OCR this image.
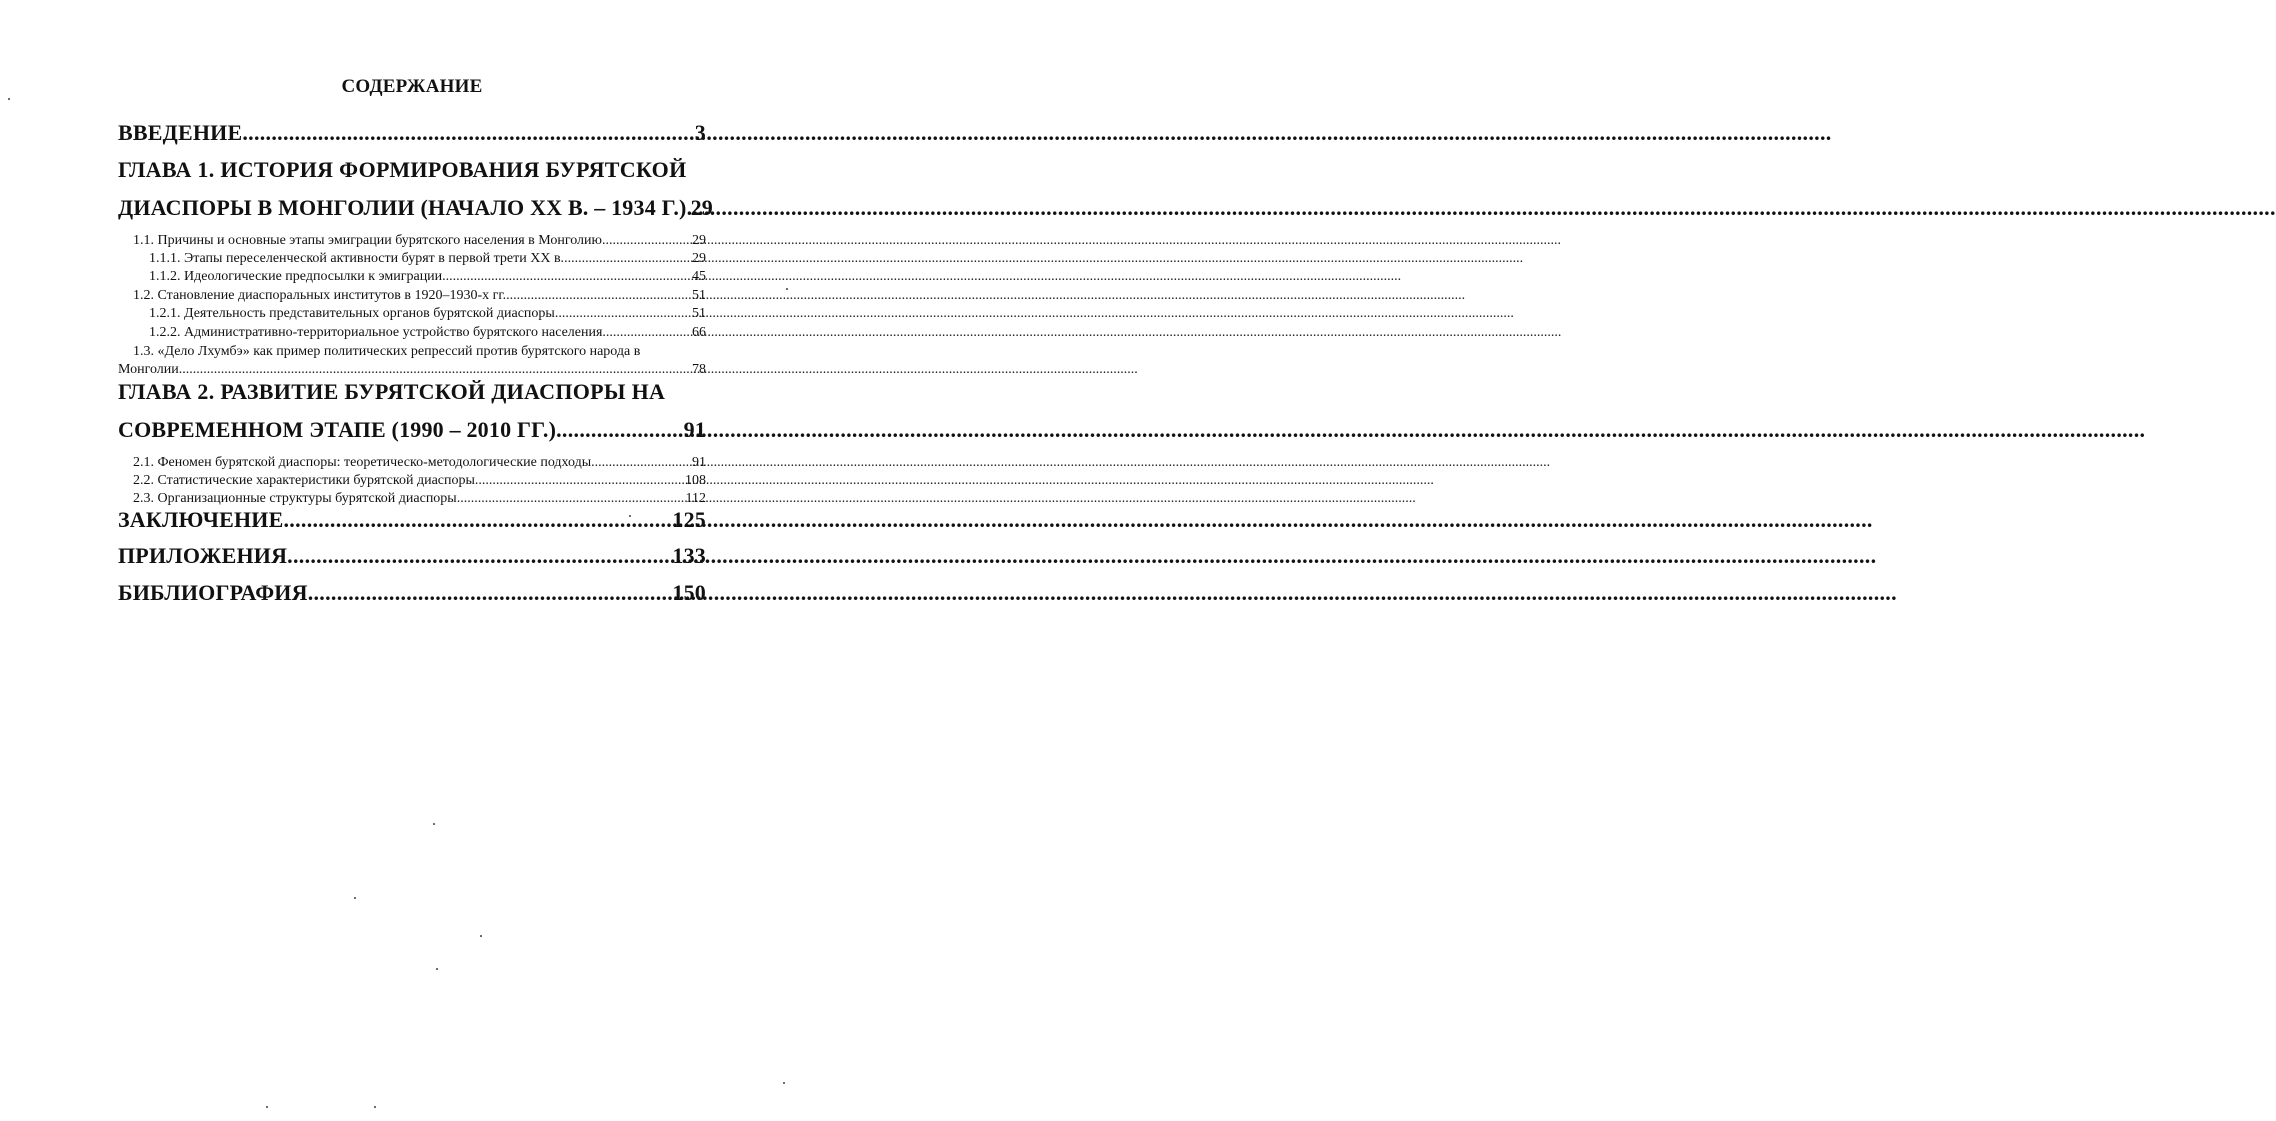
СОДЕРЖАНИЕ
ВВЕДЕНИЕ .....	3
ГЛАВА 1. ИСТОРИЯ ФОРМИРОВАНИЯ БУРЯТСКОЙ
ДИАСПОРЫ В МОНГОЛИИ (НАЧАЛО XX В. – 1934 Г.) ..... 29
1.1. Причины и основные этапы эмиграции бурятского населения в Монголию .....	29
1.1.1. Этапы переселенческой активности бурят в первой трети XX в. .....	29
1.1.2. Идеологические предпосылки к эмиграции .....	45
1.2. Становление диаспоральных институтов в 1920–1930-х гг. .....	51
1.2.1. Деятельность представительных органов бурятской диаспоры .....	51
1.2.2. Административно-территориальное устройство бурятского населения .....	66
1.3. «Дело Лхумбэ» как пример политических репрессий против бурятского народа в
Монголии .....	78
ГЛАВА 2. РАЗВИТИЕ БУРЯТСКОЙ ДИАСПОРЫ НА
СОВРЕМЕННОМ ЭТАПЕ (1990 – 2010 ГГ.) .....	91
2.1. Феномен бурятской диаспоры: теоретическо-методологические подходы .....	91
2.2. Статистические характеристики бурятской диаспоры .....	108
2.3. Организационные структуры бурятской диаспоры .....	112
ЗАКЛЮЧЕНИЕ .....	125
ПРИЛОЖЕНИЯ .....	133
БИБЛИОГРАФИЯ .....	150
